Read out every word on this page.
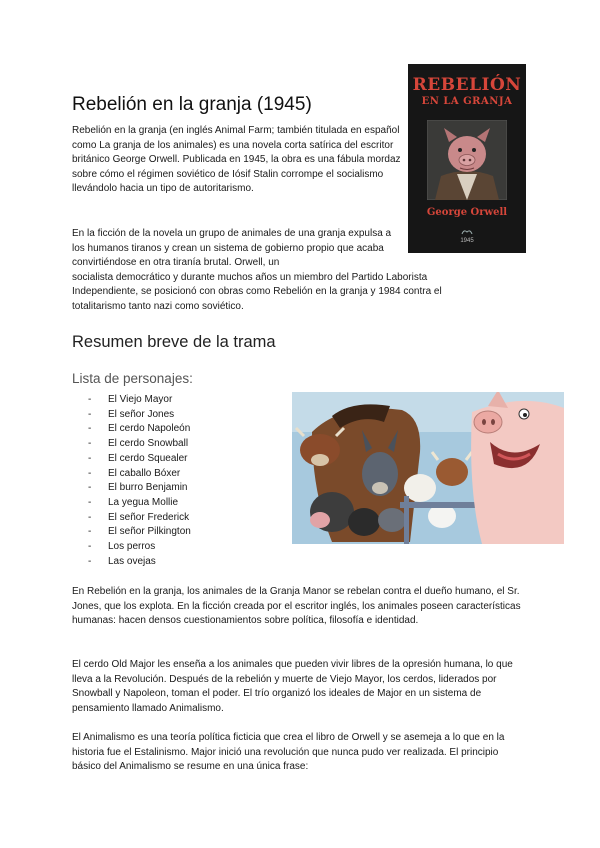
Rebelión en la granja (1945)

Rebelión en la granja (en inglés Animal Farm; también titulada en español como La granja de los animales) es una novela corta satírica del escritor británico George Orwell. Publicada en 1945, la obra es una fábula mordaz sobre cómo el régimen soviético de Iósif Stalin corrompe el socialismo llevándolo hacia un tipo de autoritarismo.

En la ficción de la novela un grupo de animales de una granja expulsa a los humanos tiranos y crean un sistema de gobierno propio que acaba convirtiéndose en otra tiranía brutal. Orwell, un
socialista democrático y durante muchos años un miembro del Partido Laborista Independiente, se posicionó con obras como Rebelión en la granja y 1984 contra el totalitarismo tanto nazi como soviético.

REBELIÓN
EN LA GRANJA
George Orwell
1945
Resumen breve de la trama
Lista de personajes:
- El Viejo Mayor
- El señor Jones
- El cerdo Napoleón
- El cerdo Snowball
- El cerdo Squealer
- El caballo Bóxer
- El burro Benjamin
- La yegua Mollie
- El señor Frederick
- El señor Pilkington
- Los perros
- Las ovejas

En Rebelión en la granja, los animales de la Granja Manor se rebelan contra el dueño humano, el Sr. Jones, que los explota. En la ficción creada por el escritor inglés, los animales poseen características humanas: hacen densos cuestionamientos sobre política, filosofía e identidad.

El cerdo Old Major les enseña a los animales que pueden vivir libres de la opresión humana, lo que lleva a la Revolución. Después de la rebelión y muerte de Viejo Mayor, los cerdos, liderados por Snowball y Napoleon, toman el poder. El trío organizó los ideales de Major en un sistema de pensamiento llamado Animalismo.

El Animalismo es una teoría política ficticia que crea el libro de Orwell y se asemeja a lo que en la historia fue el Estalinismo. Major inició una revolución que nunca pudo ver realizada. El principio básico del Animalismo se resume en una única frase:
